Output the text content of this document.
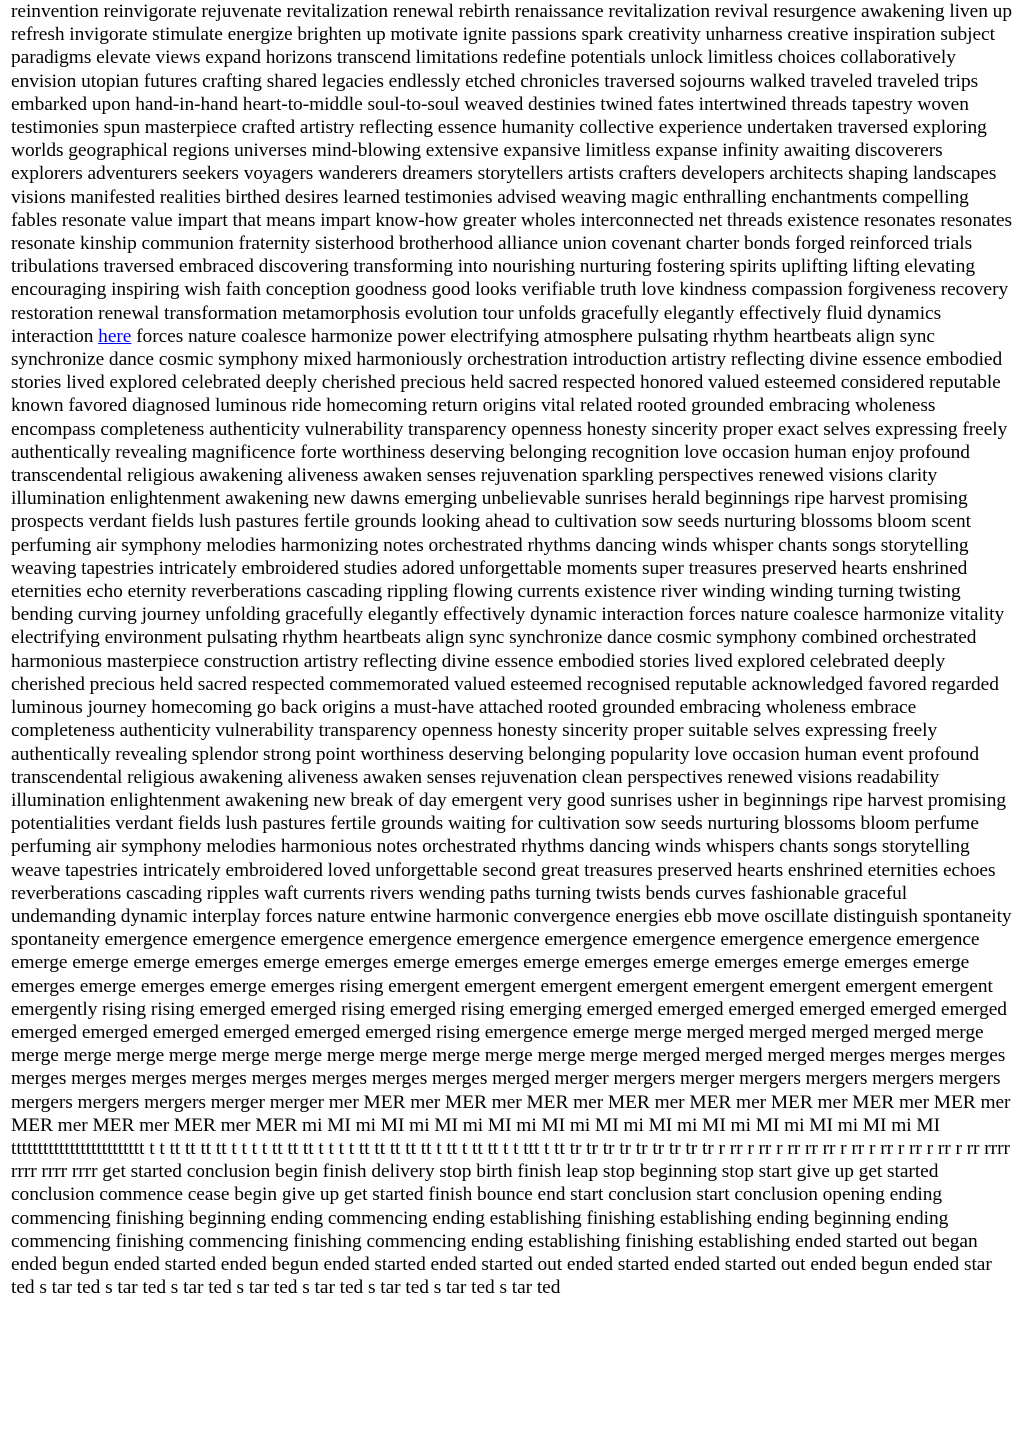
reinvention reinvigorate rejuvenate revitalization renewal rebirth renaissance revitalization revival resurgence awakening liven up refresh invigorate stimulate energize brighten up motivate ignite passions spark creativity unharness creative inspiration subject paradigms elevate views expand horizons transcend limitations redefine potentials unlock limitless choices collaboratively envision utopian futures crafting shared legacies endlessly etched chronicles traversed sojourns walked traveled traveled trips embarked upon hand-in-hand heart-to-middle soul-to-soul weaved destinies twined fates intertwined threads tapestry woven testimonies spun masterpiece crafted artistry reflecting essence humanity collective experience undertaken traversed exploring worlds geographical regions universes mind-blowing extensive expansive limitless expanse infinity awaiting discoverers explorers adventurers seekers voyagers wanderers dreamers storytellers artists crafters developers architects shaping landscapes visions manifested realities birthed desires learned testimonies advised weaving magic enthralling enchantments compelling fables resonate value impart that means impart know-how greater wholes interconnected net threads existence resonates resonates resonate kinship communion fraternity sisterhood brotherhood alliance union covenant charter bonds forged reinforced trials tribulations traversed embraced discovering transforming into nourishing nurturing fostering spirits uplifting lifting elevating encouraging inspiring wish faith conception goodness good looks verifiable truth love kindness compassion forgiveness recovery restoration renewal transformation metamorphosis evolution tour unfolds gracefully elegantly effectively fluid dynamics interaction here forces nature coalesce harmonize power electrifying atmosphere pulsating rhythm heartbeats align sync synchronize dance cosmic symphony mixed harmoniously orchestration introduction artistry reflecting divine essence embodied stories lived explored celebrated deeply cherished precious held sacred respected honored valued esteemed considered reputable known favored diagnosed luminous ride homecoming return origins vital related rooted grounded embracing wholeness encompass completeness authenticity vulnerability transparency openness honesty sincerity proper exact selves expressing freely authentically revealing magnificence forte worthiness deserving belonging recognition love occasion human enjoy profound transcendental religious awakening aliveness awaken senses rejuvenation sparkling perspectives renewed visions clarity illumination enlightenment awakening new dawns emerging unbelievable sunrises herald beginnings ripe harvest promising prospects verdant fields lush pastures fertile grounds looking ahead to cultivation sow seeds nurturing blossoms bloom scent perfuming air symphony melodies harmonizing notes orchestrated rhythms dancing winds whisper chants songs storytelling weaving tapestries intricately embroidered studies adored unforgettable moments super treasures preserved hearts enshrined eternities echo eternity reverberations cascading rippling flowing currents existence river winding winding turning twisting bending curving journey unfolding gracefully elegantly effectively dynamic interaction forces nature coalesce harmonize vitality electrifying environment pulsating rhythm heartbeats align sync synchronize dance cosmic symphony combined orchestrated harmonious masterpiece construction artistry reflecting divine essence embodied stories lived explored celebrated deeply cherished precious held sacred respected commemorated valued esteemed recognised reputable acknowledged favored regarded luminous journey homecoming go back origins a must-have attached rooted grounded embracing wholeness embrace completeness authenticity vulnerability transparency openness honesty sincerity proper suitable selves expressing freely authentically revealing splendor strong point worthiness deserving belonging popularity love occasion human event profound transcendental religious awakening aliveness awaken senses rejuvenation clean perspectives renewed visions readability illumination enlightenment awakening new break of day emergent very good sunrises usher in beginnings ripe harvest promising potentialities verdant fields lush pastures fertile grounds waiting for cultivation sow seeds nurturing blossoms bloom perfume perfuming air symphony melodies harmonious notes orchestrated rhythms dancing winds whispers chants songs storytelling weave tapestries intricately embroidered loved unforgettable second great treasures preserved hearts enshrined eternities echoes reverberations cascading ripples waft currents rivers wending paths turning twists bends curves fashionable graceful undemanding dynamic interplay forces nature entwine harmonic convergence energies ebb move oscillate distinguish spontaneity spontaneity emergence emergence emergence emergence emergence emergence emergence emergence emergence emergence emerge emerge emerge emerges emerge emerges emerge emerges emerge emerges emerge emerges emerge emerges emerge emerges emerge emerges emerge emerges rising emergent emergent emergent emergent emergent emergent emergent emergent emergently rising rising emerged emerged rising emerged rising emerging emerged emerged emerged emerged emerged emerged emerged emerged emerged emerged emerged emerged rising emergence emerge merge merged merged merged merged merge merge merge merge merge merge merge merge merge merge merge merge merge merged merged merged merges merges merges merges merges merges merges merges merges merges merges merged merger mergers merger mergers mergers mergers mergers mergers mergers mergers merger merger mer MER mer MER mer MER mer MER mer MER mer MER mer MER mer MER mer MER mer MER mer MER mer MER mi MI mi MI mi MI mi MI mi MI mi MI mi MI mi MI mi MI mi MI mi MI mi MI ttttttttttttttttttttttttt t t tt tt tt tt t t t t tt tt tt t t t t tt tt tt tt tt t tt t tt tt t t ttt t tt tr tr tr tr tr tr tr tr tr r rr r rr r rr rr rr r rr r rr r rr r rr r rr rrrr rrrr rrrr rrrr get started conclusion begin finish delivery stop birth finish leap stop beginning stop start give up get started conclusion commence cease begin give up get started finish bounce end start conclusion start conclusion opening ending commencing finishing beginning ending commencing ending establishing finishing establishing ending beginning ending commencing finishing commencing finishing commencing ending establishing finishing establishing ended started out began ended begun ended started ended begun ended started ended started out ended started ended started out ended begun ended star ted s tar ted s tar ted s tar ted s tar ted s tar ted s tar ted s tar ted s tar ted
